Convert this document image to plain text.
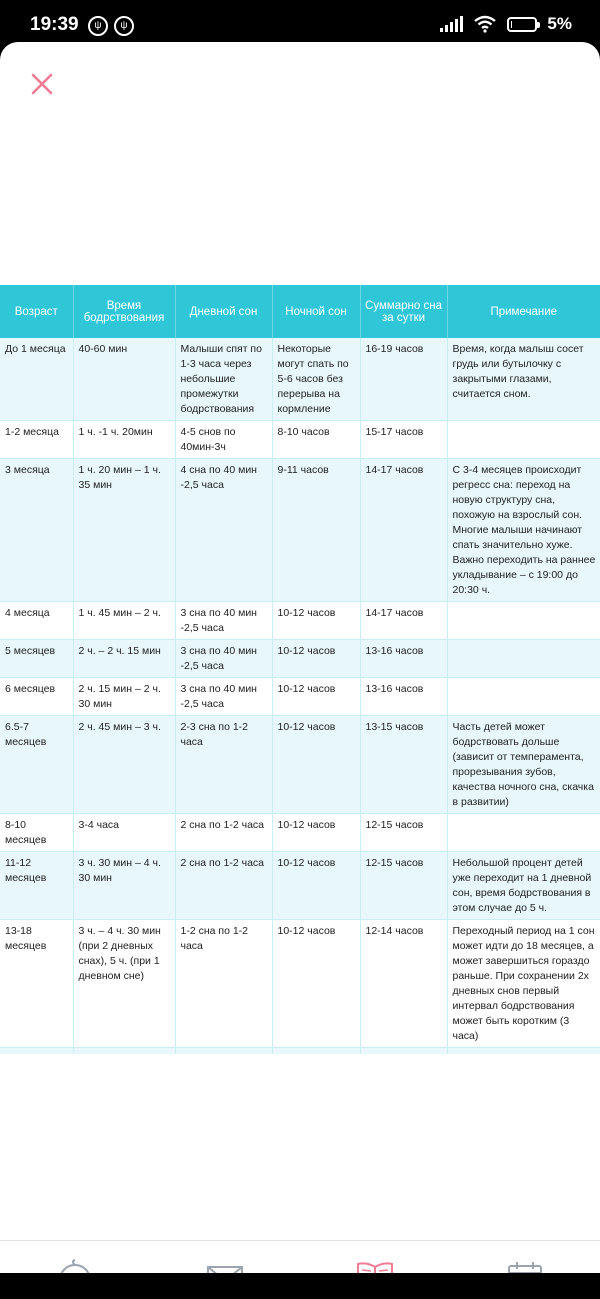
19:39	ψ	ψ	5%
Возраст	Время бодрствования	Дневной сон	Ночной сон	Суммарно сна за сутки	Примечание
До 1 месяца	40-60 мин	Малыши спят по 1-3 часа через небольшие промежутки бодрствования	Некоторые могут спать по 5-6 часов без перерыва на кормление	16-19 часов	Время, когда малыш сосет грудь или бутылочку с закрытыми глазами, считается сном.
1-2 месяца	1 ч. -1 ч. 20мин	4-5 снов по 40мин-3ч	8-10 часов	15-17 часов	
3 месяца	1 ч. 20 мин – 1 ч. 35 мин	4 сна по 40 мин -2,5 часа	9-11 часов	14-17 часов	С 3-4 месяцев происходит регресс сна: переход на новую структуру сна, похожую на взрослый сон. Многие малыши начинают спать значительно хуже. Важно переходить на раннее укладывание – с 19:00 до 20:30 ч.
4 месяца	1 ч. 45 мин – 2 ч.	3 сна по 40 мин -2,5 часа	10-12 часов	14-17 часов	
5 месяцев	2 ч. – 2 ч. 15 мин	3 сна по 40 мин -2,5 часа	10-12 часов	13-16 часов	
6 месяцев	2 ч. 15 мин – 2 ч. 30 мин	3 сна по 40 мин -2,5 часа	10-12 часов	13-16 часов	
6.5-7 месяцев	2 ч. 45 мин – 3 ч.	2-3 сна по 1-2 часа	10-12 часов	13-15 часов	Часть детей может бодрствовать дольше (зависит от темперамента, прорезывания зубов, качества ночного сна, скачка в развитии)
8-10 месяцев	3-4 часа	2 сна по 1-2 часа	10-12 часов	12-15 часов	
11-12 месяцев	3 ч. 30 мин – 4 ч. 30 мин	2 сна по 1-2 часа	10-12 часов	12-15 часов	Небольшой процент детей уже переходит на 1 дневной сон, время бодрствования в этом случае до 5 ч.
13-18 месяцев	3 ч. – 4 ч. 30 мин (при 2 дневных снах), 5 ч. (при 1 дневном сне)	1-2 сна по 1-2 часа	10-12 часов	12-14 часов	Переходный период на 1 сон может идти до 18 месяцев, а может завершиться гораздо раньше. При сохранении 2х дневных снов первый интервал бодрствования может быть коротким (3 часа)
